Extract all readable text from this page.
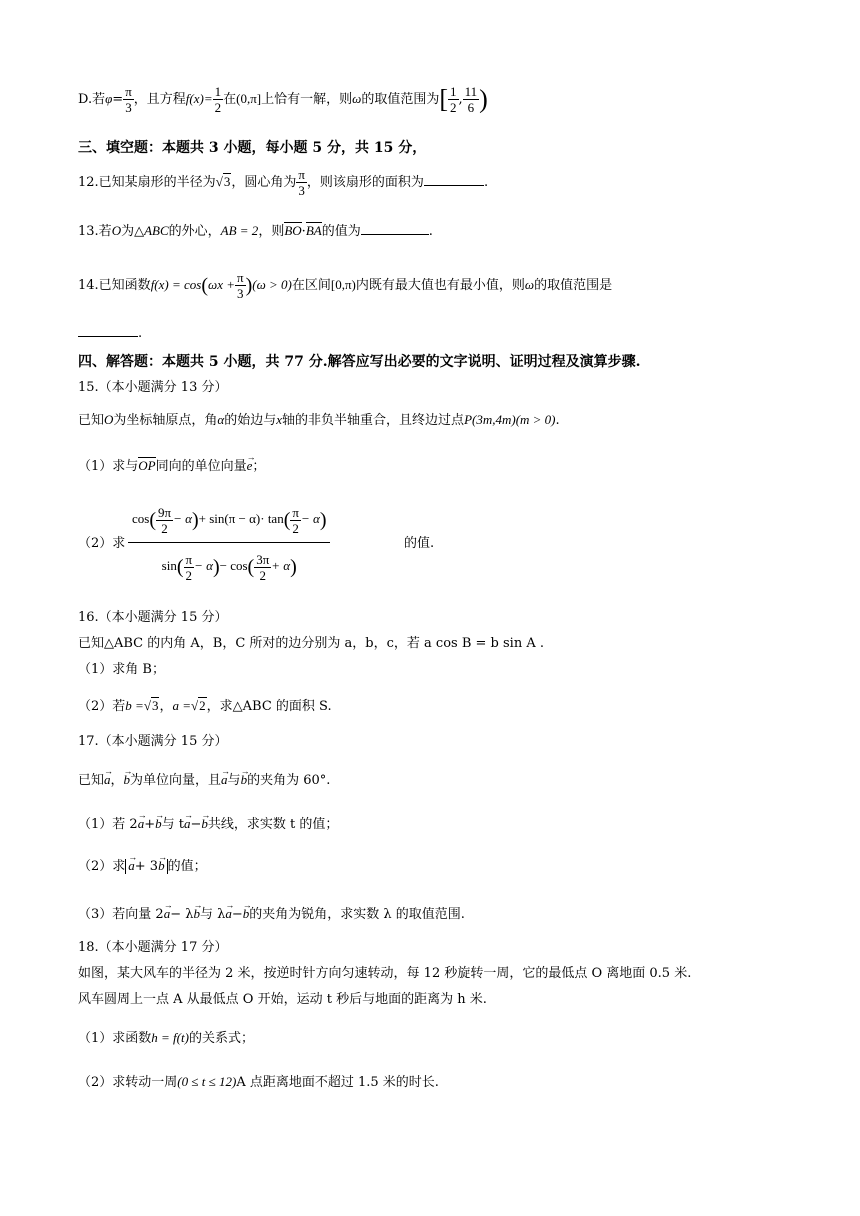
D.若$\varphi= \frac{\pi}{3}$ ，且方程$f(x)= \frac{1}{2}$ 在(0,π]上恰有一解，则ω的取值范围为[ $\frac{1}{2}$ , $\frac{11}{6}$ )
三、填空题：本题共 3 小题，每小题 5 分，共 15 分，
12.已知某扇形的半径为√3，圆心角为 $\frac{\pi}{3}$ ，则该扇形的面积为	.
13.若O为△ABC的外心，AB = 2，则BO·BA的值为	.
14.已知函数$f(x) = \cos(\omega x + \frac{\pi}{3} )(\omega > 0)$在区间[0,π)内既有最大值也有最小值，则ω的取值范围是
.
四、解答题：本题共 5 小题，共 77 分.解答应写出必要的文字说明、证明过程及演算步骤.
15.（本小题满分 13 分）
已知O为坐标轴原点，角α的始边与x轴的非负半轴重合，且终边过点P(3m,4m)(m > 0).
（1）求与OP同向的单位向量→ e；
（2）求 $\frac{\cos( \frac{9\pi}{2} - \alpha)+ \sin(\pi - \alpha)\cdot \tan( \frac{\pi}{2} - \alpha)}{\sin( \frac{\pi}{2} - \alpha)- \cos( \frac{3\pi}{2} + \alpha)}$	的值.
16.（本小题满分 15 分）
已知△ABC 的内角 A，B，C 所对的边分别为 a，b，c，若 a cos B = b sin A .
（1）求角 B；
（2）若b =√3，a =√2，求△ABC 的面积 S.
17.（本小题满分 15 分）
已知→ a，→ b为单位向量，且→ a与→ b的夹角为 60°.
（1）若 2→ a+→ b与 t→ a−→ b共线，求实数 t 的值；
（2）求→ a+ 3→ b 的值；
（3）若向量 2→ a− λ→ b与 λ→ a−→ b的夹角为锐角，求实数 λ 的取值范围.
18.（本小题满分 17 分）
如图，某大风车的半径为 2 米，按逆时针方向匀速转动，每 12 秒旋转一周，它的最低点 O 离地面 0.5 米.
风车圆周上一点 A 从最低点 O 开始，运动 t 秒后与地面的距离为 h 米.
（1）求函数h = f(t)的关系式；
（2）求转动一周(0 ≤ t ≤ 12)A 点距离地面不超过 1.5 米的时长.
